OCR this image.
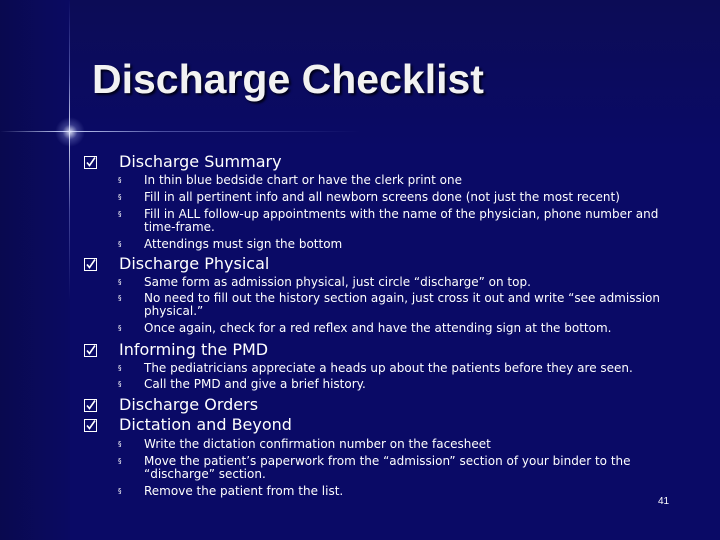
Discharge Checklist
Discharge Summary
§ In thin blue bedside chart or have the clerk print one
§ Fill in all pertinent info and all newborn screens done (not just the most recent)
§ Fill in ALL follow-up appointments with the name of the physician, phone number and time-frame.
§ Attendings must sign the bottom
Discharge Physical
§ Same form as admission physical, just circle “discharge” on top.
§ No need to fill out the history section again, just cross it out and write “see admission physical.”
§ Once again, check for a red reflex and have the attending sign at the bottom.
Informing the PMD
§ The pediatricians appreciate a heads up about the patients before they are seen.
§ Call the PMD and give a brief history.
Discharge Orders
Dictation and Beyond
§ Write the dictation confirmation number on the facesheet
§ Move the patient’s paperwork from the “admission” section of your binder to the “discharge” section.
§ Remove the patient from the list.
41
